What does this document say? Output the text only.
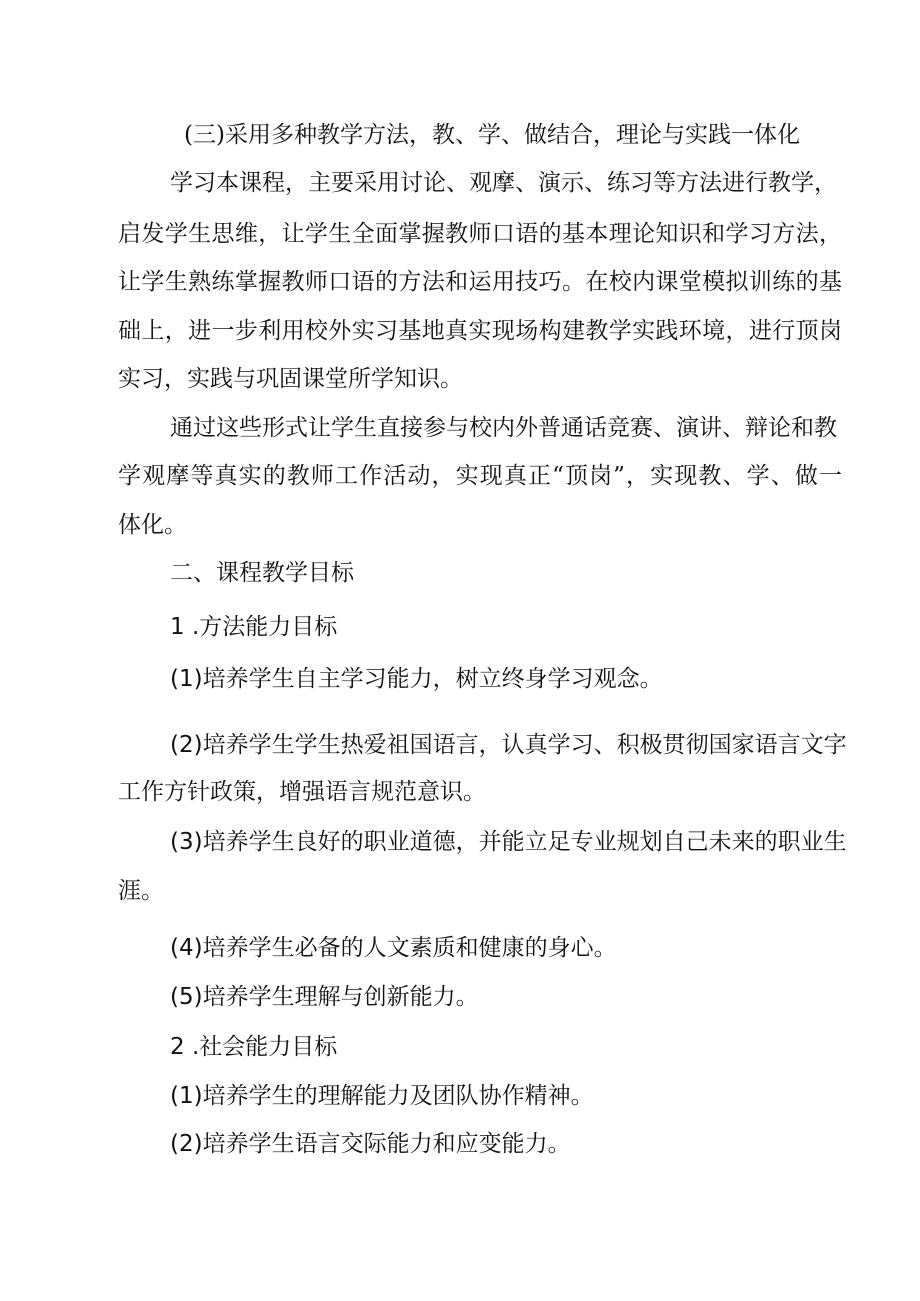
(三)采用多种教学方法，教、学、做结合，理论与实践一体化
学习本课程，主要采用讨论、观摩、演示、练习等方法进行教学，
启发学生思维，让学生全面掌握教师口语的基本理论知识和学习方法，
让学生熟练掌握教师口语的方法和运用技巧。在校内课堂模拟训练的基
础上，进一步利用校外实习基地真实现场构建教学实践环境，进行顶岗
实习，实践与巩固课堂所学知识。
通过这些形式让学生直接参与校内外普通话竞赛、演讲、辩论和教
学观摩等真实的教师工作活动，实现真正“顶岗”，实现教、学、做一
体化。
二、课程教学目标
1 .方法能力目标
(1)培养学生自主学习能力，树立终身学习观念。
(2)培养学生学生热爱祖国语言，认真学习、积极贯彻国家语言文字
工作方针政策，增强语言规范意识。
(3)培养学生良好的职业道德，并能立足专业规划自己未来的职业生
涯。
(4)培养学生必备的人文素质和健康的身心。
(5)培养学生理解与创新能力。
2 .社会能力目标
(1)培养学生的理解能力及团队协作精神。
(2)培养学生语言交际能力和应变能力。
